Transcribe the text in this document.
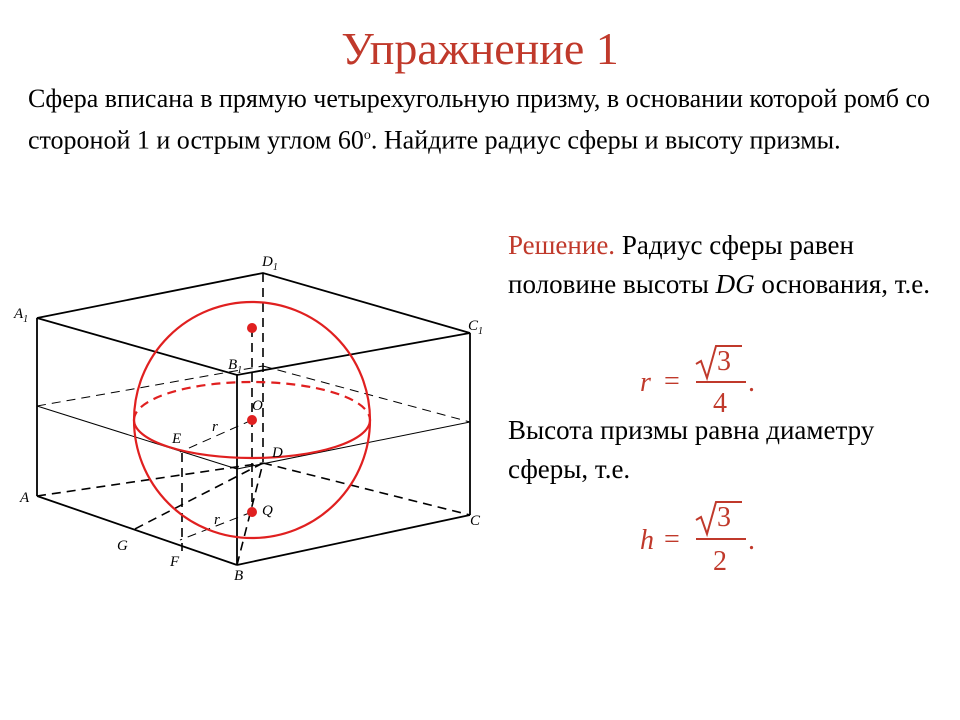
Упражнение 1
Сфера вписана в прямую четырехугольную призму, в основании которой ромб со стороной 1 и острым углом $60^о$. Найдите радиус сферы и высоту призмы.
Решение. Радиус сферы равен половине высоты DG основания, т.е.
Высота призмы равна диаметру сферы, т.е.
r =
3
4
.
h =
3
2
.
$D_1$
$A_1$	$C_1$
$B_1$
O
E
r
D
A
C
Q
r
G
F
B
